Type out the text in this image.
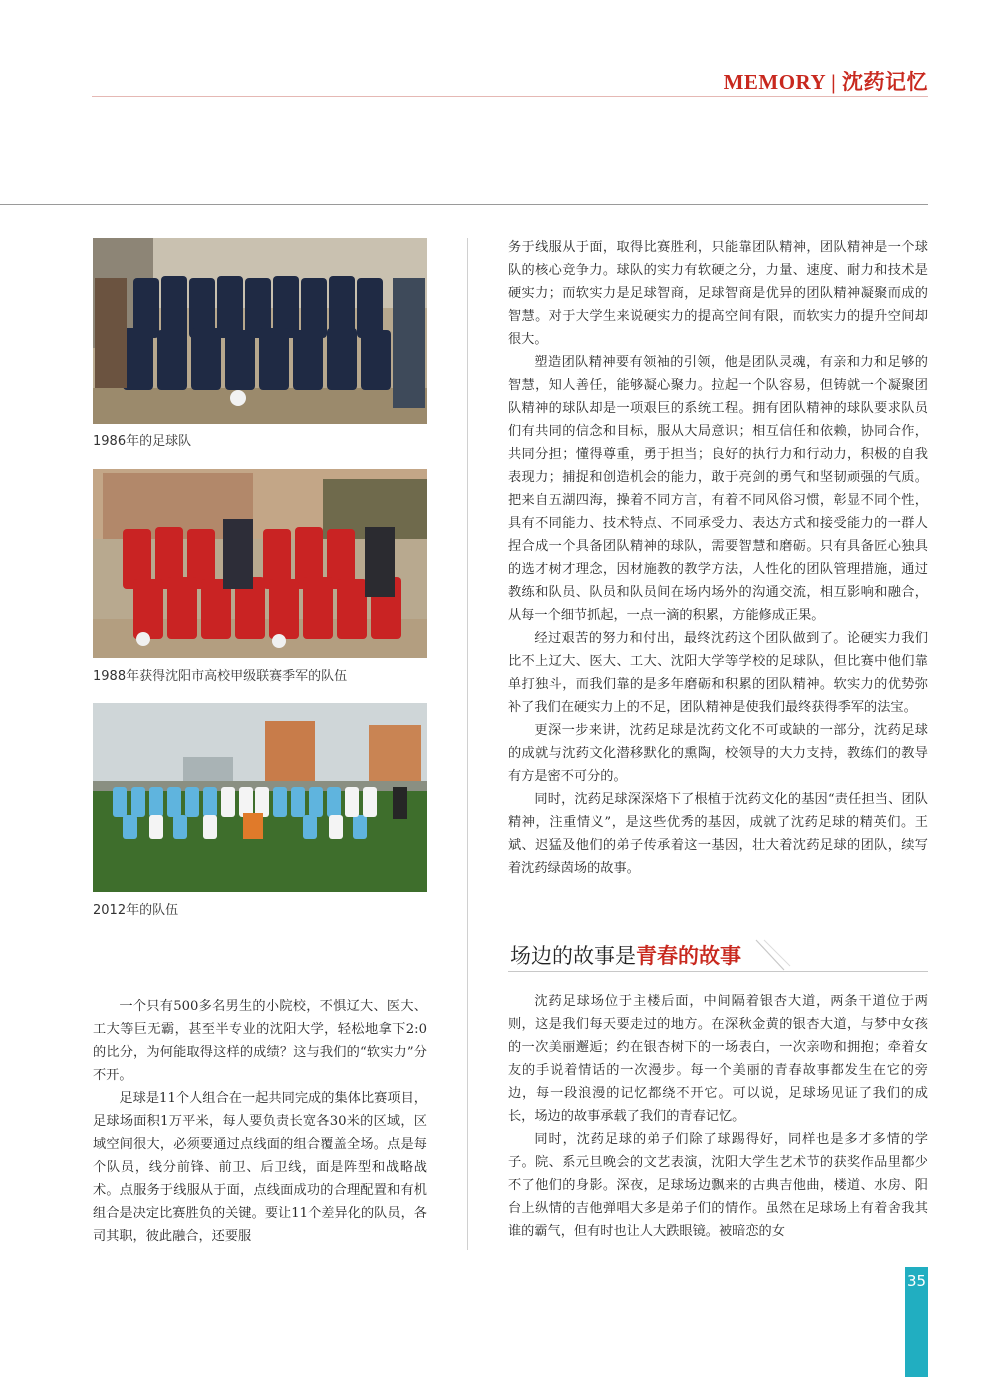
MEMORY | 沈药记忆
1986年的足球队
1988年获得沈阳市高校甲级联赛季军的队伍
2012年的队伍

务于线服从于面，取得比赛胜利，只能靠团队精神，团队精神是一个球队的核心竞争力。球队的实力有软硬之分，力量、速度、耐力和技术是硬实力；而软实力是足球智商，足球智商是优异的团队精神凝聚而成的智慧。对于大学生来说硬实力的提高空间有限，而软实力的提升空间却很大。

塑造团队精神要有领袖的引领，他是团队灵魂，有亲和力和足够的智慧，知人善任，能够凝心聚力。拉起一个队容易，但铸就一个凝聚团队精神的球队却是一项艰巨的系统工程。拥有团队精神的球队要求队员们有共同的信念和目标，服从大局意识；相互信任和依赖，协同合作，共同分担；懂得尊重，勇于担当；良好的执行力和行动力，积极的自我表现力；捕捉和创造机会的能力，敢于亮剑的勇气和坚韧顽强的气质。把来自五湖四海，操着不同方言，有着不同风俗习惯，彰显不同个性，具有不同能力、技术特点、不同承受力、表达方式和接受能力的一群人捏合成一个具备团队精神的球队，需要智慧和磨砺。只有具备匠心独具的选才树才理念，因材施教的教学方法，人性化的团队管理措施，通过教练和队员、队员和队员间在场内场外的沟通交流，相互影响和融合，从每一个细节抓起，一点一滴的积累，方能修成正果。

经过艰苦的努力和付出，最终沈药这个团队做到了。论硬实力我们比不上辽大、医大、工大、沈阳大学等学校的足球队，但比赛中他们靠单打独斗，而我们靠的是多年磨砺和积累的团队精神。软实力的优势弥补了我们在硬实力上的不足，团队精神是使我们最终获得季军的法宝。

更深一步来讲，沈药足球是沈药文化不可或缺的一部分，沈药足球的成就与沈药文化潜移默化的熏陶，校领导的大力支持，教练们的教导有方是密不可分的。

同时，沈药足球深深烙下了根植于沈药文化的基因“责任担当、团队精神，注重情义”，是这些优秀的基因，成就了沈药足球的精英们。王斌、迟猛及他们的弟子传承着这一基因，壮大着沈药足球的团队，续写着沈药绿茵场的故事。

场边的故事是青春的故事

一个只有500多名男生的小院校，不惧辽大、医大、工大等巨无霸，甚至半专业的沈阳大学，轻松地拿下2:0的比分，为何能取得这样的成绩？这与我们的“软实力”分不开。

足球是11个人组合在一起共同完成的集体比赛项目，足球场面积1万平米，每人要负责长宽各30米的区域，区域空间很大，必须要通过点线面的组合覆盖全场。点是每个队员，线分前锋、前卫、后卫线，面是阵型和战略战术。点服务于线服从于面，点线面成功的合理配置和有机组合是决定比赛胜负的关键。要让11个差异化的队员，各司其职，彼此融合，还要服

沈药足球场位于主楼后面，中间隔着银杏大道，两条干道位于两则，这是我们每天要走过的地方。在深秋金黄的银杏大道，与梦中女孩的一次美丽邂逅；约在银杏树下的一场表白，一次亲吻和拥抱；牵着女友的手说着情话的一次漫步。每一个美丽的青春故事都发生在它的旁边，每一段浪漫的记忆都绕不开它。可以说，足球场见证了我们的成长，场边的故事承载了我们的青春记忆。

同时，沈药足球的弟子们除了球踢得好，同样也是多才多情的学子。院、系元旦晚会的文艺表演，沈阳大学生艺术节的获奖作品里都少不了他们的身影。深夜，足球场边飘来的古典吉他曲，楼道、水房、阳台上纵情的吉他弹唱大多是弟子们的情作。虽然在足球场上有着舍我其谁的霸气，但有时也让人大跌眼镜。被暗恋的女

35
